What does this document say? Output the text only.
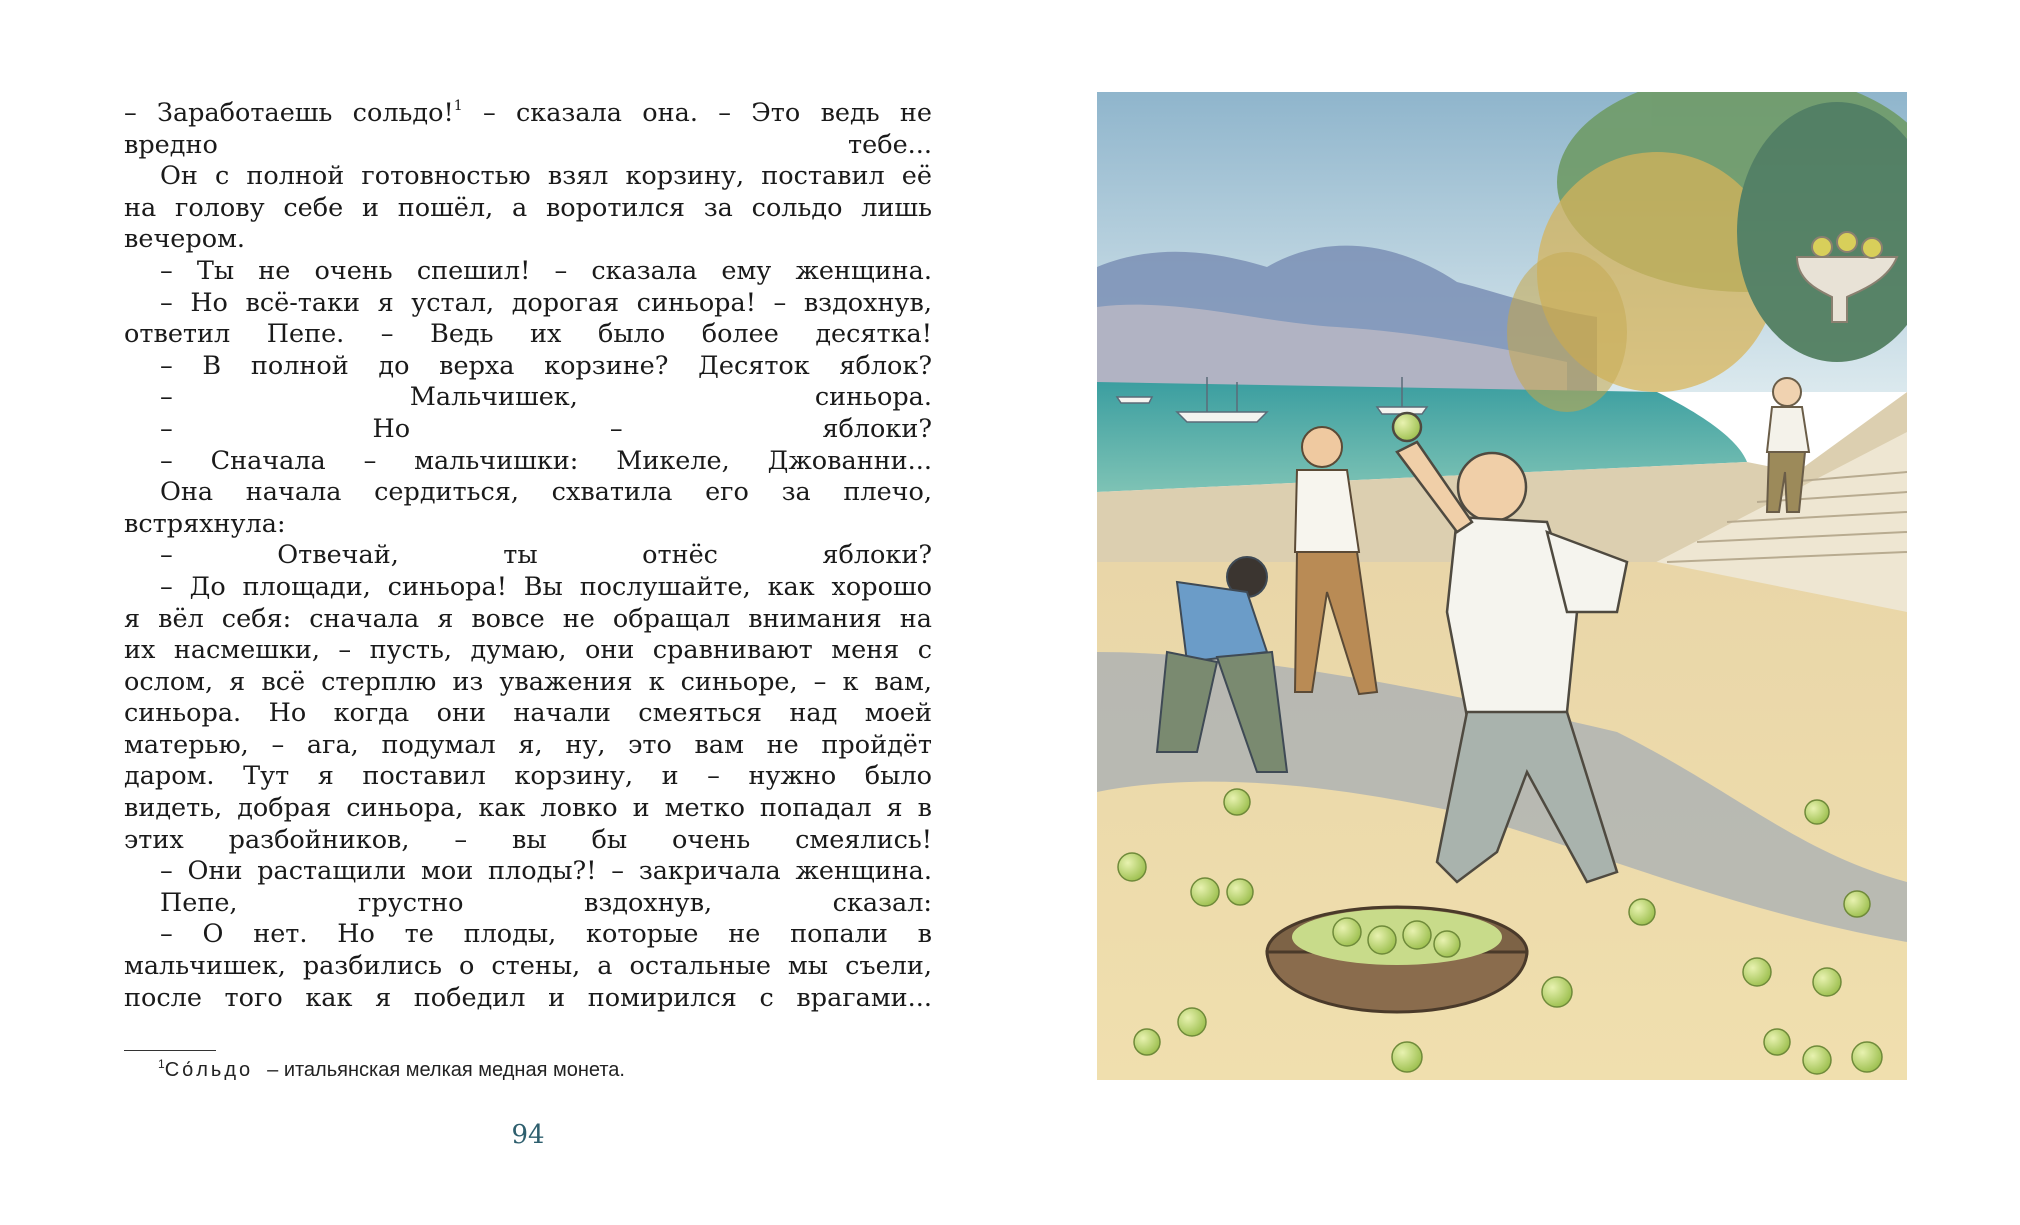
– Заработаешь сольдо!$^1$ – сказала она. – Это ведь не вредно тебе...

Он с полной готовностью взял корзину, поставил её на голову себе и пошёл, а воротился за сольдо лишь вечером.

– Ты не очень спешил! – сказала ему женщина.

– Но всё-таки я устал, дорогая синьора! – вздохнув, ответил Пепе. – Ведь их было более десятка!

– В полной до верха корзине? Десяток яблок?

– Мальчишек, синьора.

– Но – яблоки?

– Сначала – мальчишки: Микеле, Джованни...

Она начала сердиться, схватила его за плечо, встряхнула:

– Отвечай, ты отнёс яблоки?

– До площади, синьора! Вы послушайте, как хорошо я вёл себя: сначала я вовсе не обращал внимания на их насмешки, – пусть, думаю, они сравнивают меня с ослом, я всё стерплю из уважения к синьоре, – к вам, синьора. Но когда они начали смеяться над моей матерью, – ага, подумал я, ну, это вам не пройдёт даром. Тут я поставил корзину, и – нужно было видеть, добрая синьора, как ловко и метко попадал я в этих разбойников, – вы бы очень смеялись!

– Они растащили мои плоды?! – закричала женщина.

Пепе, грустно вздохнув, сказал:

– О нет. Но те плоды, которые не попали в мальчишек, разбились о стены, а остальные мы съели, после того как я победил и помирился с врагами...

$^1$Со́льдо – итальянская мелкая медная монета.
94
